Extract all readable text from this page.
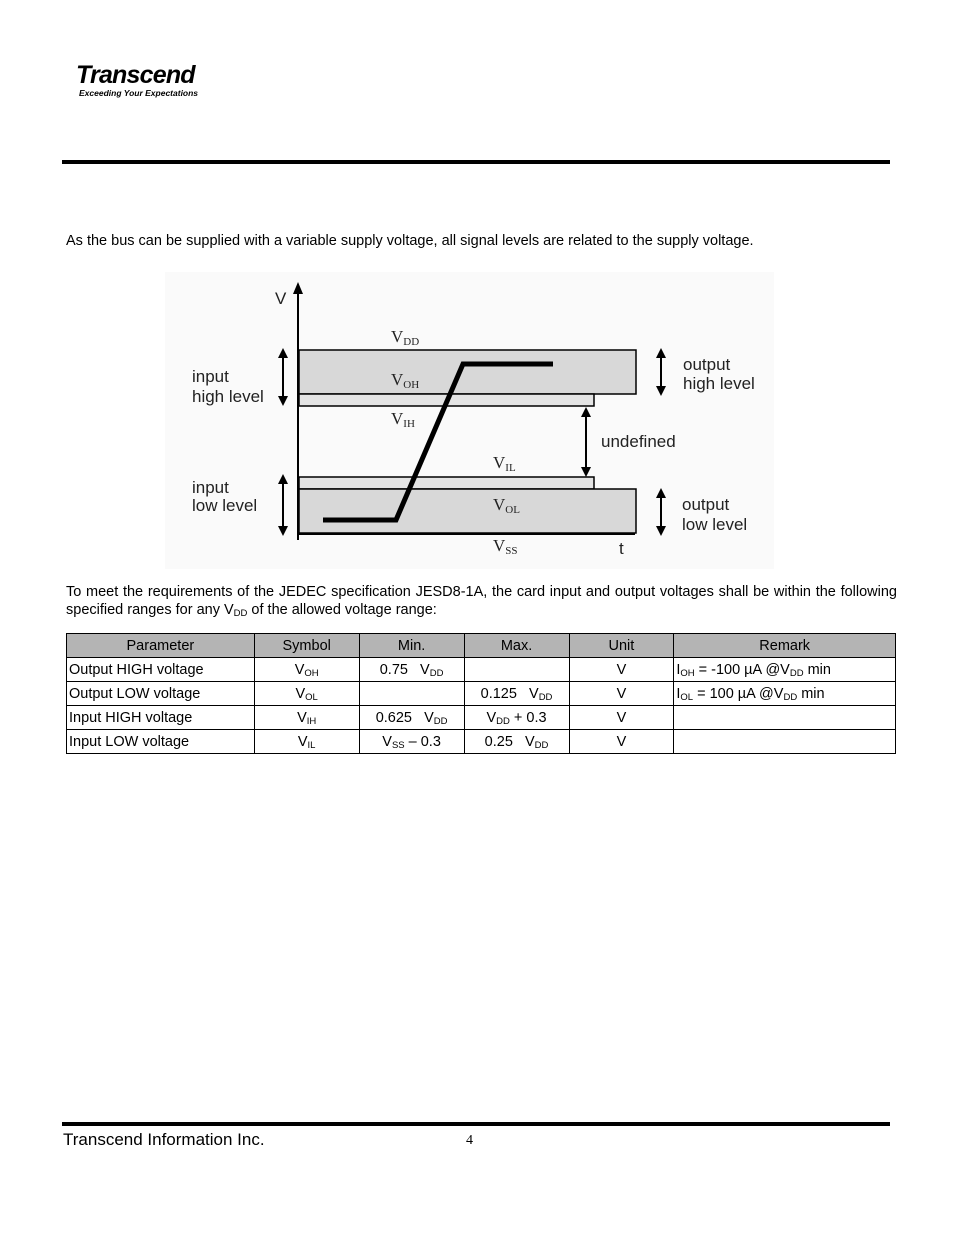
Transcend
Exceeding Your Expectations
As the bus can be supplied with a variable supply voltage, all signal levels are related to the supply voltage.
V
t
VDD
VOH
VIH
VIL
VOL
VSS
input
high level
input
low level
output
high level
output
low level
undefined
To meet the requirements of the JEDEC specification JESD8-1A, the card input and output voltages shall be within the following specified ranges for any $V_{DD}$ of the allowed voltage range:
Parameter	Symbol	Min.	Max.	Unit	Remark
Output HIGH voltage	$V_{OH}$	0.75   $V_{DD}$		V	$I_{OH} = -100$ µA $@V_{DD}$ min
Output LOW voltage	$V_{OL}$		0.125   $V_{DD}$	V	$I_{OL} = 100$ µA $@V_{DD}$ min
Input HIGH voltage	$V_{IH}$	0.625   $V_{DD}$	$V_{DD} + 0.3$	V	
Input LOW voltage	$V_{IL}$	$V_{SS} - 0.3$	0.25   $V_{DD}$	V	
Transcend Information Inc.	4
